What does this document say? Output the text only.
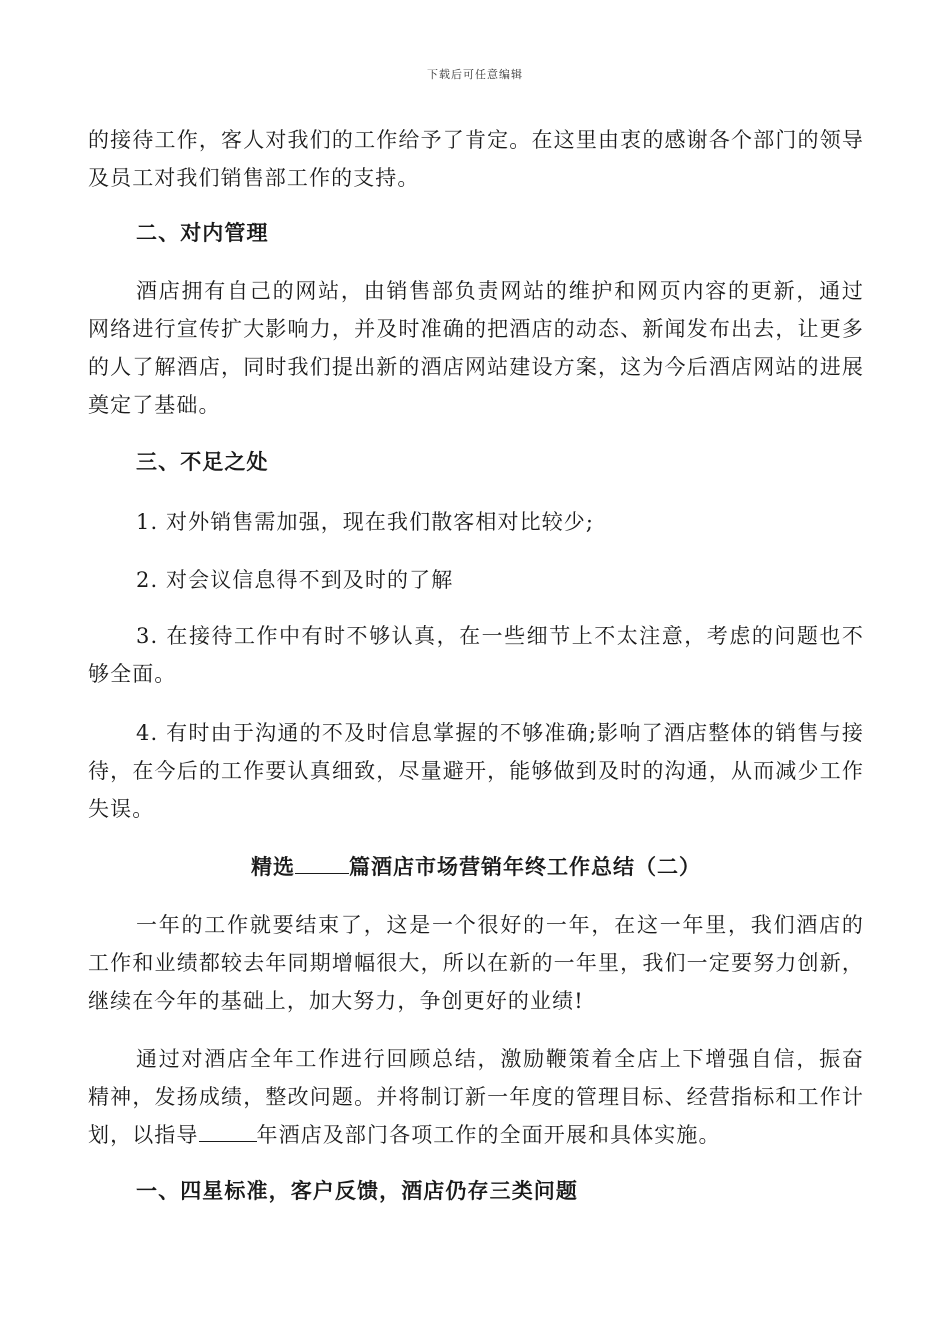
下载后可任意编辑

的接待工作，客人对我们的工作给予了肯定。在这里由衷的感谢各个部门的领导及员工对我们销售部工作的支持。

二、对内管理

酒店拥有自己的网站，由销售部负责网站的维护和网页内容的更新，通过网络进行宣传扩大影响力，并及时准确的把酒店的动态、新闻发布出去，让更多的人了解酒店，同时我们提出新的酒店网站建设方案，这为今后酒店网站的进展奠定了基础。

三、不足之处

1. 对外销售需加强，现在我们散客相对比较少;

2. 对会议信息得不到及时的了解

3. 在接待工作中有时不够认真，在一些细节上不太注意，考虑的问题也不够全面。

4. 有时由于沟通的不及时信息掌握的不够准确;影响了酒店整体的销售与接待，在今后的工作要认真细致，尽量避开，能够做到及时的沟通，从而减少工作失误。

精选	篇酒店市场营销年终工作总结（二）

一年的工作就要结束了，这是一个很好的一年，在这一年里，我们酒店的工作和业绩都较去年同期增幅很大，所以在新的一年里，我们一定要努力创新，继续在今年的基础上，加大努力，争创更好的业绩!

通过对酒店全年工作进行回顾总结，激励鞭策着全店上下增强自信，振奋精神，发扬成绩，整改问题。并将制订新一年度的管理目标、经营指标和工作计划，以指导	年酒店及部门各项工作的全面开展和具体实施。

一、四星标准，客户反馈，酒店仍存三类问题
